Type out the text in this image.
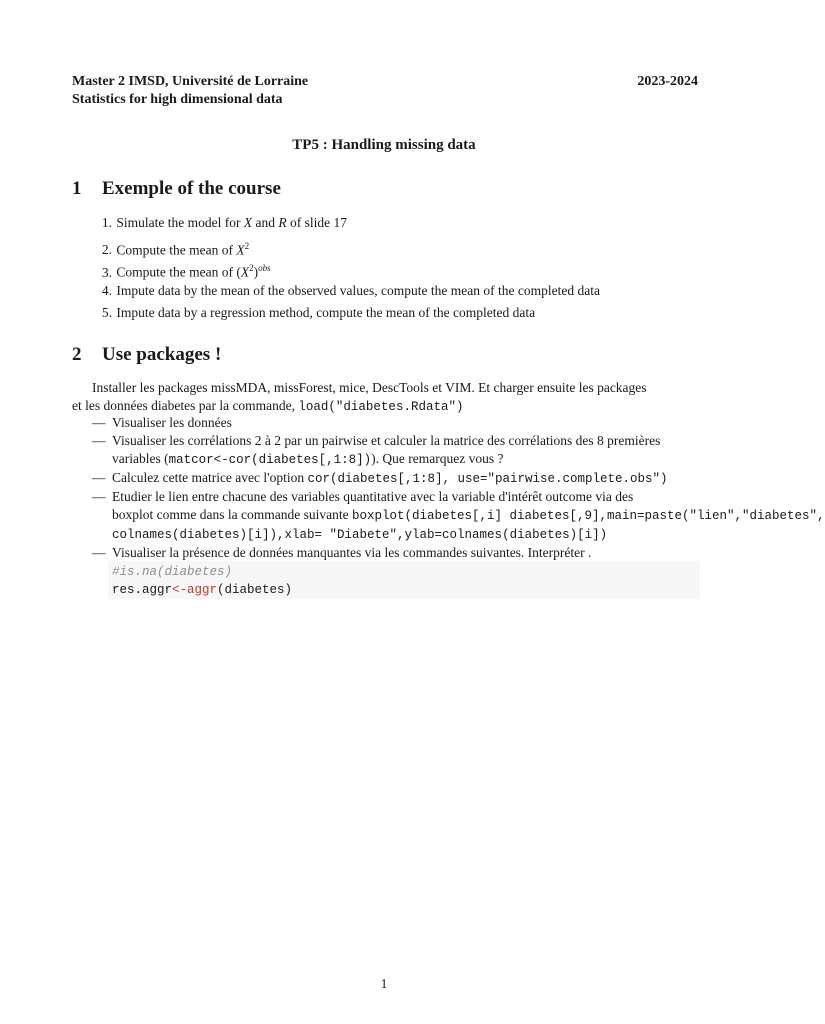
Master 2 IMSD, Université de Lorraine
Statistics for high dimensional data
2023-2024
TP5 : Handling missing data
1 Exemple of the course
1. Simulate the model for X and R of slide 17
2. Compute the mean of $X^2$
3. Compute the mean of $(X^2)^{obs}$
4. Impute data by the mean of the observed values, compute the mean of the completed data
5. Impute data by a regression method, compute the mean of the completed data
2 Use packages !
Installer les packages missMDA, missForest, mice, DescTools et VIM. Et charger ensuite les packages
et les données diabetes par la commande, load("diabetes.Rdata")
— Visualiser les données
— Visualiser les corrélations 2 à 2 par un pairwise et calculer la matrice des corrélations des 8 premières
variables (matcor<-cor(diabetes[,1:8])). Que remarquez vous ?
— Calculez cette matrice avec l'option cor(diabetes[,1:8], use="pairwise.complete.obs")
— Etudier le lien entre chacune des variables quantitative avec la variable d'intérêt outcome via des
boxplot comme dans la commande suivante boxplot(diabetes[,i] diabetes[,9],main=paste("lien","diabetes",
colnames(diabetes)[i]),xlab= "Diabete",ylab=colnames(diabetes)[i])
— Visualiser la présence de données manquantes via les commandes suivantes. Interpréter .
#is.na(diabetes)
res.aggr<-aggr(diabetes)
1
